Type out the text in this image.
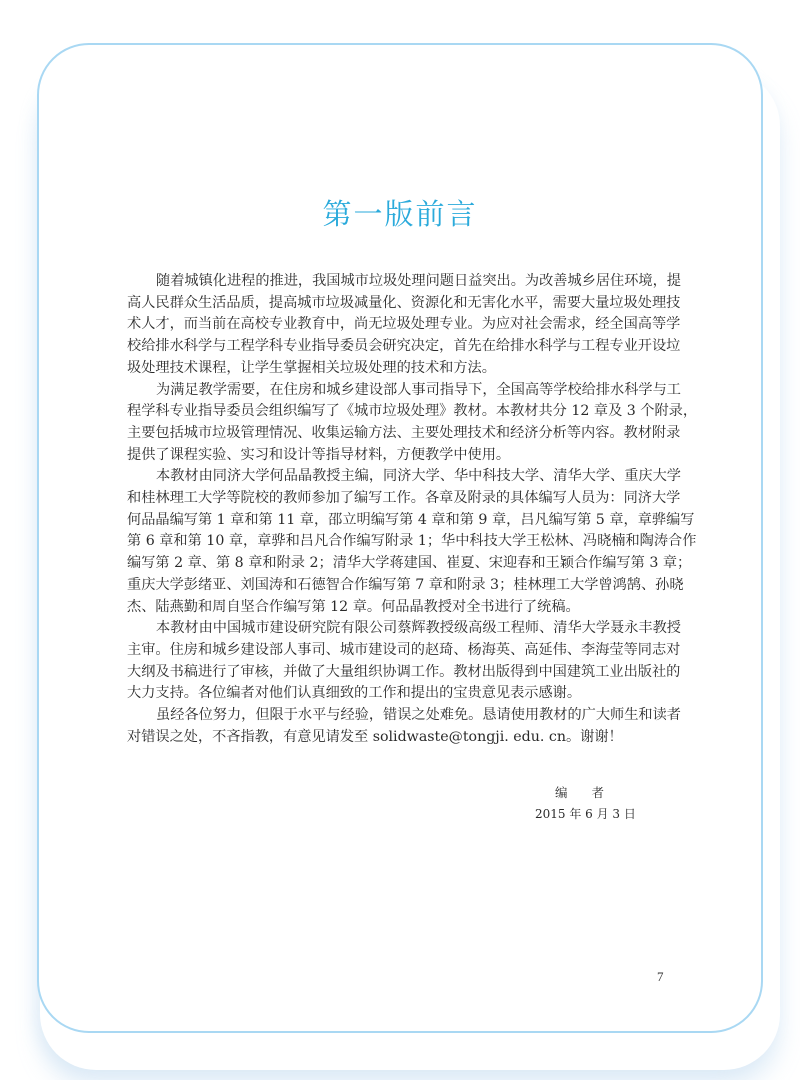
第一版前言
随着城镇化进程的推进，我国城市垃圾处理问题日益突出。为改善城乡居住环境，提
高人民群众生活品质，提高城市垃圾减量化、资源化和无害化水平，需要大量垃圾处理技
术人才，而当前在高校专业教育中，尚无垃圾处理专业。为应对社会需求，经全国高等学
校给排水科学与工程学科专业指导委员会研究决定，首先在给排水科学与工程专业开设垃
圾处理技术课程，让学生掌握相关垃圾处理的技术和方法。
为满足教学需要，在住房和城乡建设部人事司指导下，全国高等学校给排水科学与工
程学科专业指导委员会组织编写了《城市垃圾处理》教材。本教材共分 12 章及 3 个附录，
主要包括城市垃圾管理情况、收集运输方法、主要处理技术和经济分析等内容。教材附录
提供了课程实验、实习和设计等指导材料，方便教学中使用。
本教材由同济大学何品晶教授主编，同济大学、华中科技大学、清华大学、重庆大学
和桂林理工大学等院校的教师参加了编写工作。各章及附录的具体编写人员为：同济大学
何品晶编写第 1 章和第 11 章，邵立明编写第 4 章和第 9 章，吕凡编写第 5 章，章骅编写
第 6 章和第 10 章，章骅和吕凡合作编写附录 1；华中科技大学王松林、冯晓楠和陶涛合作
编写第 2 章、第 8 章和附录 2；清华大学蒋建国、崔夏、宋迎春和王颖合作编写第 3 章；
重庆大学彭绪亚、刘国涛和石德智合作编写第 7 章和附录 3；桂林理工大学曾鸿鹄、孙晓
杰、陆燕勤和周自坚合作编写第 12 章。何品晶教授对全书进行了统稿。
本教材由中国城市建设研究院有限公司蔡辉教授级高级工程师、清华大学聂永丰教授
主审。住房和城乡建设部人事司、城市建设司的赵琦、杨海英、高延伟、李海莹等同志对
大纲及书稿进行了审核，并做了大量组织协调工作。教材出版得到中国建筑工业出版社的
大力支持。各位编者对他们认真细致的工作和提出的宝贵意见表示感谢。
虽经各位努力，但限于水平与经验，错误之处难免。恳请使用教材的广大师生和读者
对错误之处，不吝指教，有意见请发至 solidwaste@tongji. edu. cn。谢谢！
编 者
2015 年 6 月 3 日
7
